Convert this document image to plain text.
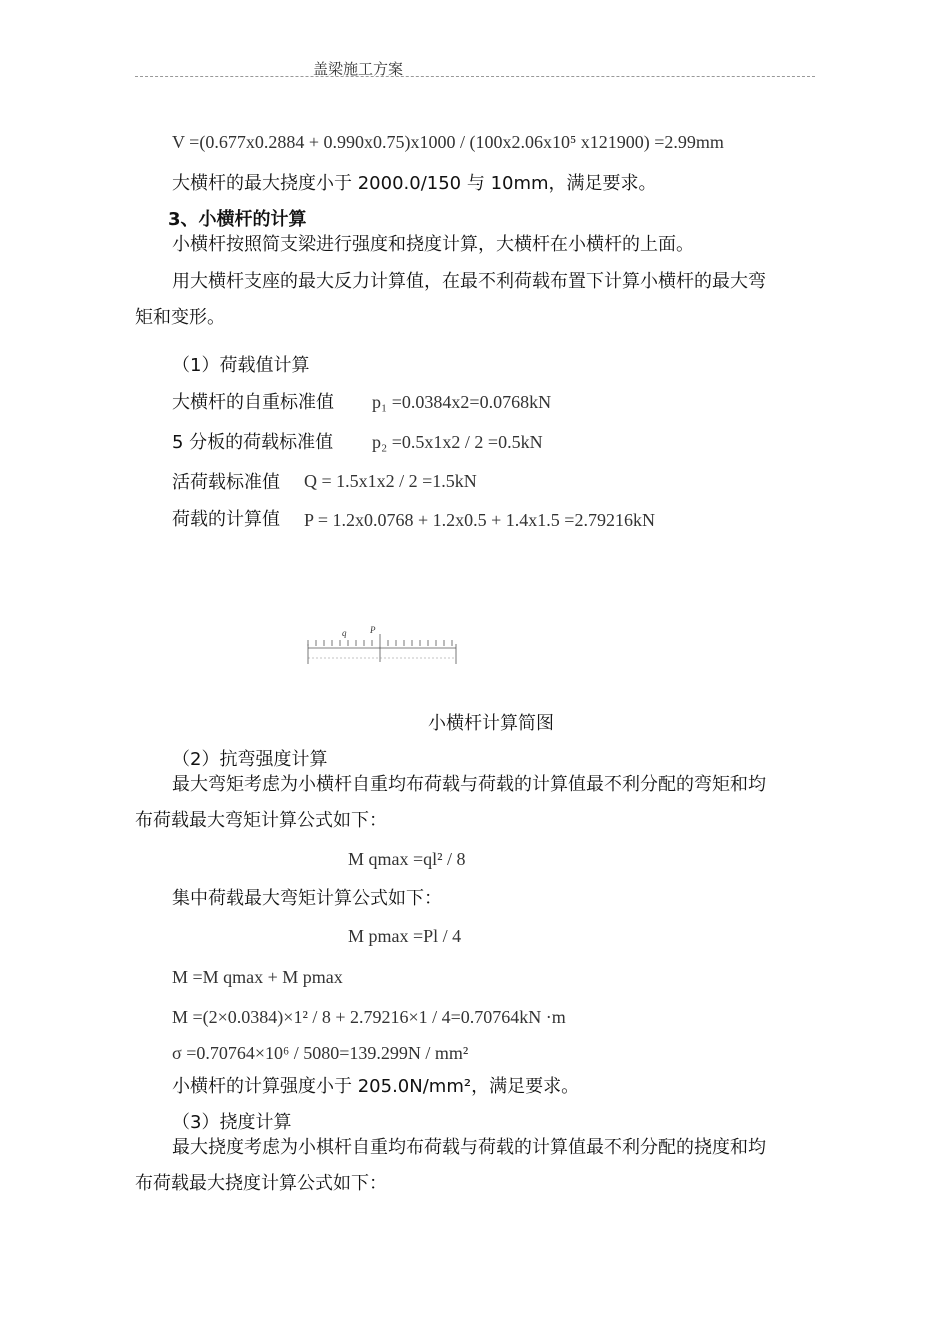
盖梁施工方案
V =(0.677x0.2884 + 0.990x0.75)x1000 / (100x2.06x10⁵ x121900) =2.99mm
大横杆的最大挠度小于 2000.0/150 与 10mm，满足要求。
3、小横杆的计算
小横杆按照简支梁进行强度和挠度计算，大横杆在小横杆的上面。
用大横杆支座的最大反力计算值，在最不利荷载布置下计算小横杆的最大弯
矩和变形。
（1）荷载值计算
大横杆的自重标准值 p₁ =0.0384x2=0.0768kN
5 分板的荷载标准值 p₂ =0.5x1x2 / 2 =0.5kN
活荷载标准值 Q = 1.5x1x2 / 2 =1.5kN
荷载的计算值 P = 1.2x0.0768 + 1.2x0.5 + 1.4x1.5 =2.79216kN
q	P
小横杆计算简图
（2）抗弯强度计算
最大弯矩考虑为小横杆自重均布荷载与荷载的计算值最不利分配的弯矩和均
布荷载最大弯矩计算公式如下：
M qmax =ql² / 8
集中荷载最大弯矩计算公式如下：
M pmax =Pl / 4
M =M qmax + M pmax
M =(2×0.0384)×1² / 8 + 2.79216×1 / 4=0.70764kN ·m
σ =0.70764×10⁶ / 5080=139.299N / mm²
小横杆的计算强度小于 205.0N/mm²，满足要求。
（3）挠度计算
最大挠度考虑为小棋杆自重均布荷载与荷载的计算值最不利分配的挠度和均
布荷载最大挠度计算公式如下：
